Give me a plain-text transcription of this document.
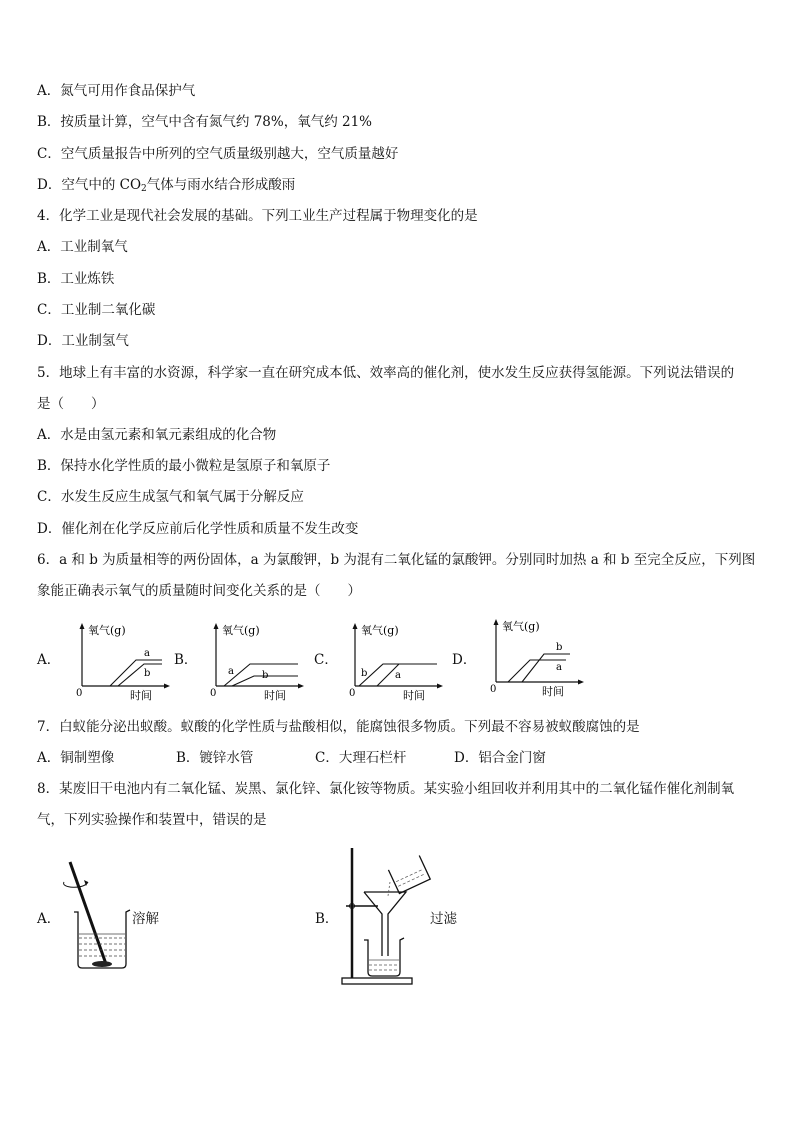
A．氮气可用作食品保护气
B．按质量计算，空气中含有氮气约 78%，氧气约 21%
C．空气质量报告中所列的空气质量级别越大，空气质量越好
D．空气中的 $CO_2$气体与雨水结合形成酸雨
4．化学工业是现代社会发展的基础。下列工业生产过程属于物理变化的是
A．工业制氧气
B．工业炼铁
C．工业制二氧化碳
D．工业制氢气
5．地球上有丰富的水资源，科学家一直在研究成本低、效率高的催化剂，使水发生反应获得氢能源。下列说法错误的
是（　　）
A．水是由氢元素和氧元素组成的化合物
B．保持水化学性质的最小微粒是氢原子和氧原子
C．水发生反应生成氢气和氧气属于分解反应
D．催化剂在化学反应前后化学性质和质量不发生改变
6．a 和 b 为质量相等的两份固体，a 为氯酸钾，b 为混有二氧化锰的氯酸钾。分别同时加热 a 和 b 至完全反应，下列图
象能正确表示氧气的质量随时间变化关系的是（　　）
A．
氧气(g)
0	时间
a
b
B．
氧气(g)
0	时间
a	b
C．
氧气(g)
0	时间
b	a
D．
氧气(g)
0	时间
b
a
7．白蚁能分泌出蚁酸。蚁酸的化学性质与盐酸相似，能腐蚀很多物质。下列最不容易被蚁酸腐蚀的是
A．铜制塑像	B．镀锌水管	C．大理石栏杆	D．铝合金门窗
8．某废旧干电池内有二氧化锰、炭黑、氯化锌、氯化铵等物质。某实验小组回收并利用其中的二氧化锰作催化剂制氧
气，下列实验操作和装置中，错误的是
A．	溶解	B．	过滤
